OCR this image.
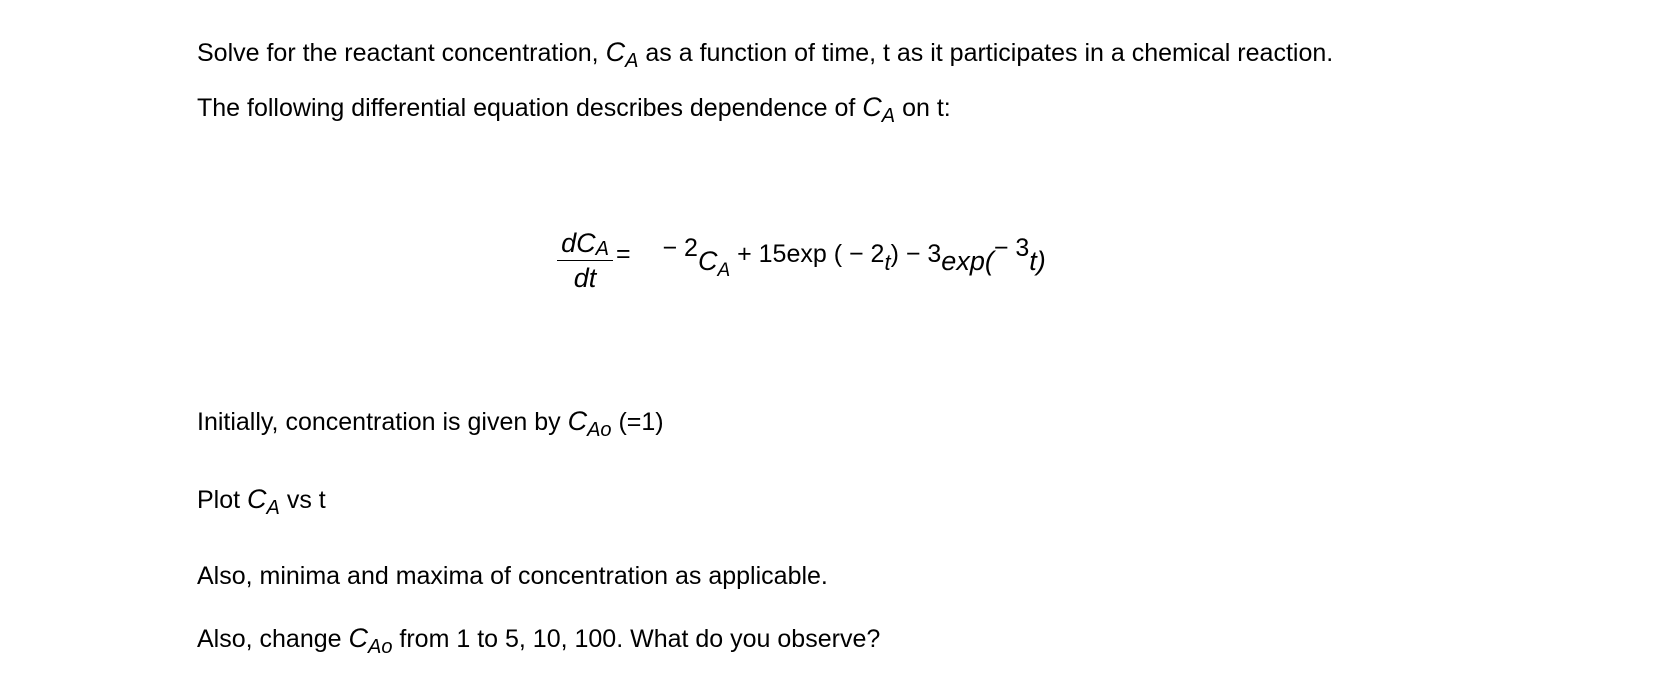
Solve for the reactant concentration, $C_A$ as a function of time, t as it participates in a chemical reaction.
The following differential equation describes dependence of $C_A$ on t:
dCA
dt
=  − $2C_A + 15\exp$ ( − 2t) − 3exp(− 3t)
Initially, concentration is given by $C_{Ao}$ (=1)
Plot $C_A$ vs t
Also, minima and maxima of concentration as applicable.
Also, change $C_{Ao}$ from 1 to 5, 10, 100. What do you observe?
